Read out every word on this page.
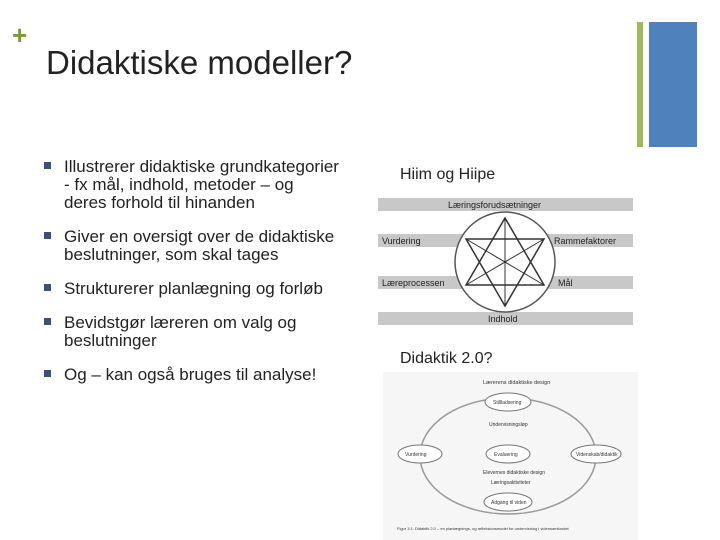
+
Didaktiske modeller?
Illustrerer didaktiske grundkategorier - fx mål, indhold, metoder – og deres forhold til hinanden
Giver en oversigt over de didaktiske beslutninger, som skal tages
Strukturerer planlægning og forløb
Bevidstgør læreren om valg og beslutninger
Og – kan også bruges til analyse!
Hiim og Hiipe
Didaktik 2.0?
Læringsforudsætninger
Vurdering	Rammefaktorer
Læreprocessen	Mål
Indhold
Lærerens didaktiske design
Stillladsering
Undervisningsløp
Vurdering	Evaluering	Videnskab/didaktik
Elevernes didaktiske design
Læringsaktiviteter
Adgang til viden
Figur 3.1: Didaktik 2.0 – en planlægnings- og refleksionsmodel for undervisning i vidensamfundet
